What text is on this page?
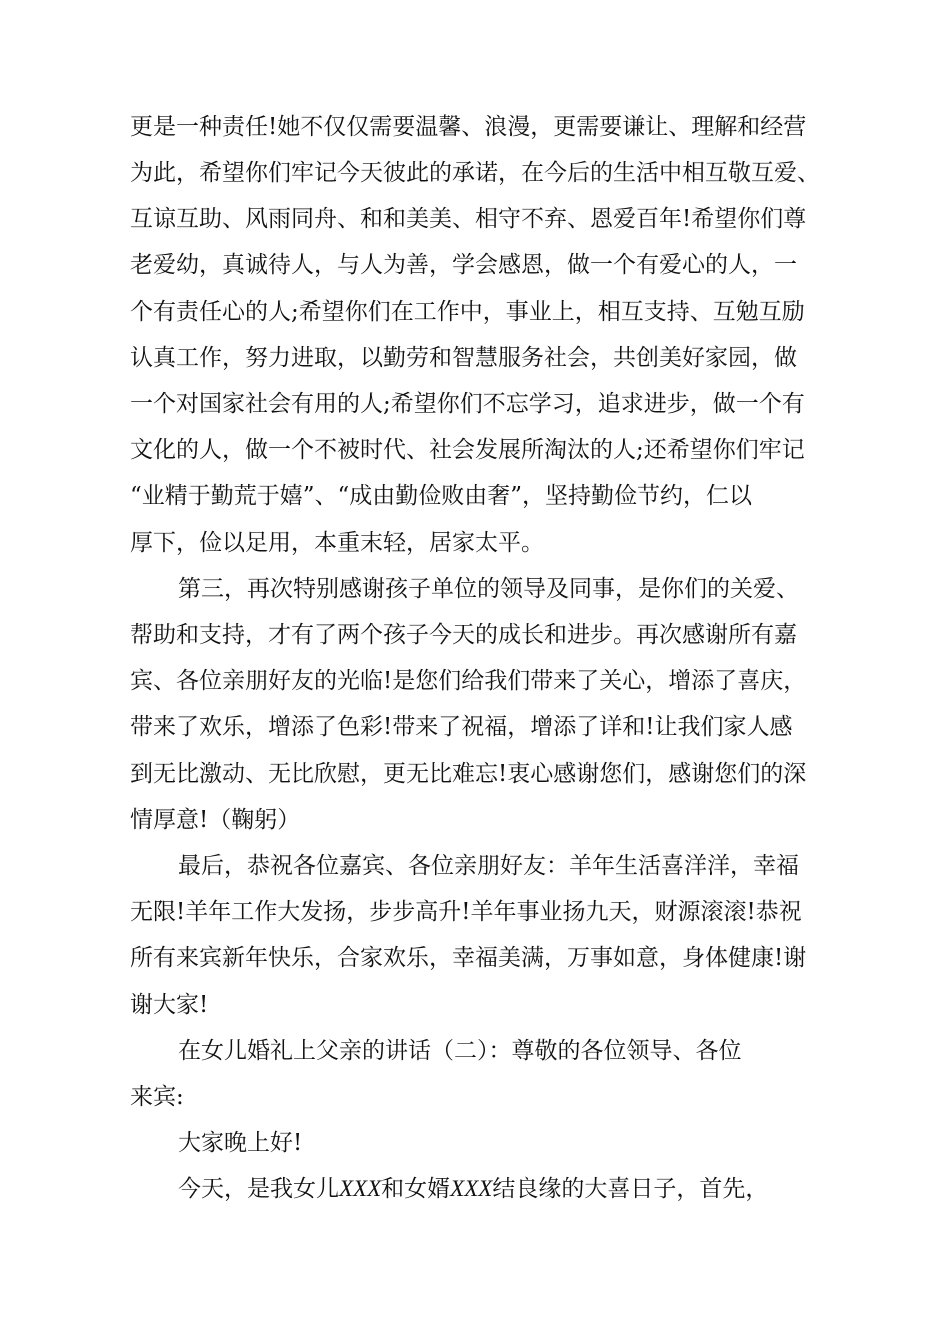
更是一种责任!她不仅仅需要温馨、浪漫，更需要谦让、理解和经营
为此，希望你们牢记今天彼此的承诺，在今后的生活中相互敬互爱、
互谅互助、风雨同舟、和和美美、相守不弃、恩爱百年!希望你们尊
老爱幼，真诚待人，与人为善，学会感恩，做一个有爱心的人，一
个有责任心的人;希望你们在工作中，事业上，相互支持、互勉互励
认真工作，努力进取，以勤劳和智慧服务社会，共创美好家园，做
一个对国家社会有用的人;希望你们不忘学习，追求进步，做一个有
文化的人，做一个不被时代、社会发展所淘汰的人;还希望你们牢记
“业精于勤荒于嬉”、“成由勤俭败由奢”，坚持勤俭节约，仁以
厚下，俭以足用，本重末轻，居家太平。
第三，再次特别感谢孩子单位的领导及同事，是你们的关爱、
帮助和支持，才有了两个孩子今天的成长和进步。再次感谢所有嘉
宾、各位亲朋好友的光临!是您们给我们带来了关心，增添了喜庆，
带来了欢乐，增添了色彩!带来了祝福，增添了详和!让我们家人感
到无比激动、无比欣慰，更无比难忘!衷心感谢您们，感谢您们的深
情厚意!（鞠躬）
最后，恭祝各位嘉宾、各位亲朋好友：羊年生活喜洋洋，幸福
无限!羊年工作大发扬，步步高升!羊年事业扬九天，财源滚滚!恭祝
所有来宾新年快乐，合家欢乐，幸福美满，万事如意，身体健康!谢
谢大家!
在女儿婚礼上父亲的讲话（二）：尊敬的各位领导、各位
来宾:
大家晚上好!
今天，是我女儿XXX和女婿XXX结良缘的大喜日子，首先，
